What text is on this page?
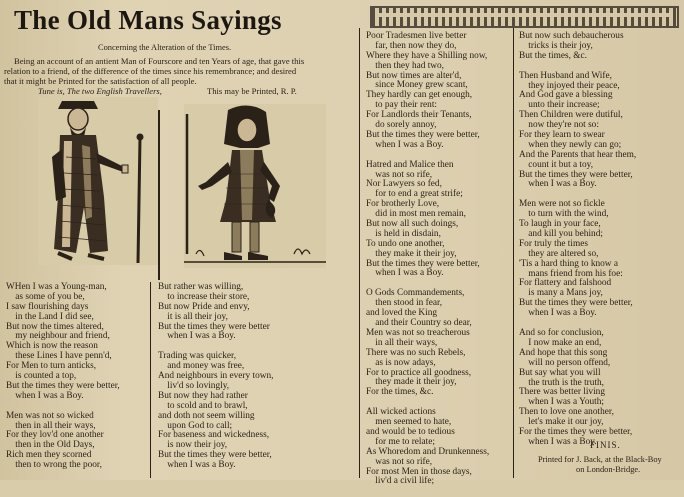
The Old Mans Sayings
Concerning the Alteration of the Times.
Being an account of an antient Man of Fourscore and ten Years of age, that gave this
relation to a friend, of the difference of the times since his remembrance; and desired
that it might be Printed for the satisfaction of all people.
Tune is, The two English Travellers,	This may be Printed, R. P.
WHen I was a Young-man,
as some of you be,
I saw flourishing days
in the Land I did see,
But now the times altered,
my neighbour and friend,
Which is now the reason
these Lines I have penn'd,
For Men to turn anticks,
is counted a top,
But the times they were better,
when I was a Boy.
Men was not so wicked
then in all their ways,
For they lov'd one another
then in the Old Days,
Rich men they scorned
then to wrong the poor,
But rather was willing,
to increase their store,
But now Pride and envy,
it is all their joy,
But the times they were better
when I was a Boy.
Trading was quicker,
and money was free,
And neighbours in every town,
liv'd so lovingly,
But now they had rather
to scold and to brawl,
and doth not seem willing
upon God to call;
For baseness and wickedness,
is now their joy,
But the times they were better,
when I was a Boy.
Poor Tradesmen live better
far, then now they do,
Where they have a Shilling now,
then they had two,
But now times are alter'd,
since Money grew scant,
They hardly can get enough,
to pay their rent:
For Landlords their Tenants,
do sorely annoy,
But the times they were better,
when I was a Boy.
Hatred and Malice then
was not so rife,
Nor Lawyers so fed,
for to end a great strife;
For brotherly Love,
did in most men remain,
But now all such doings,
is held in disdain,
To undo one another,
they make it their joy,
But the times they were better,
when I was a Boy.
O Gods Commandements,
then stood in fear,
and loved the King
and their Country so dear,
Men was not so treacherous
in all their ways,
There was no such Rebels,
as is now adays,
For to practice all goodness,
they made it their joy,
For the times, &c.
All wicked actions
men seemed to hate,
and would be to tedious
for me to relate;
As Whoredom and Drunkenness,
was not so rife,
For most Men in those days,
liv'd a civil life;
But now such debaucherous
tricks is their joy,
But the times, &c.
Then Husband and Wife,
they injoyed their peace,
And God gave a blessing
unto their increase;
Then Children were dutiful,
now they're not so:
For they learn to swear
when they newly can go;
And the Parents that hear them,
count it but a toy,
But the times they were better,
when I was a Boy.
Men were not so fickle
to turn with the wind,
To laugh in your face,
and kill you behind;
For truly the times
they are altered so,
'Tis a hard thing to know a
mans friend from his foe:
For flattery and falshood
is many a Mans joy,
But the times they were better,
when I was a Boy.
And so for conclusion,
I now make an end,
And hope that this song
will no person offend,
But say what you will
the truth is the truth,
There was better living
when I was a Youth;
Then to love one another,
let's make it our joy,
For the times they were better,
when I was a Boy.
FINIS.
Printed for J. Back, at the Black-Boy
on London-Bridge.
